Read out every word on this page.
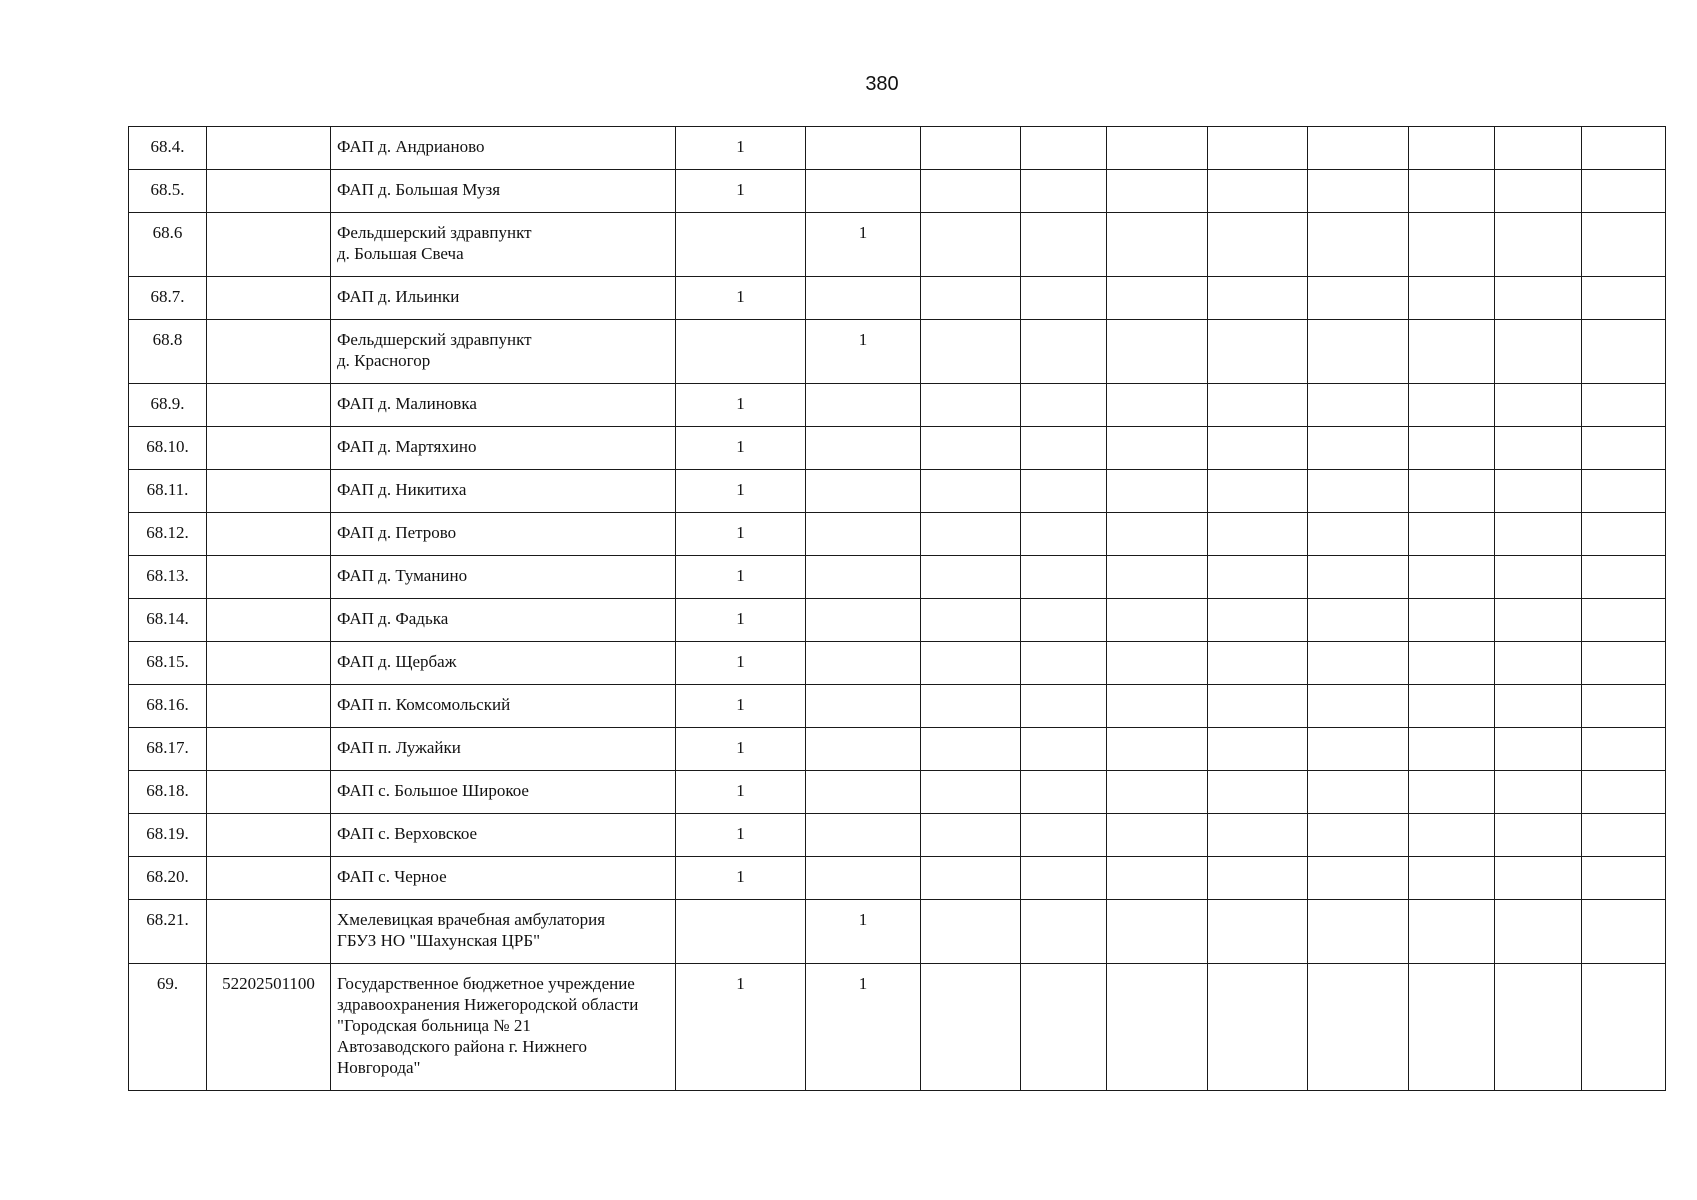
380
68.4.		ФАП д. Андрианово	1									
68.5.		ФАП д. Большая Музя	1									
68.6		Фельдшерский здравпункт
д. Большая Свеча		1								
68.7.		ФАП д. Ильинки	1									
68.8		Фельдшерский здравпункт
д. Красногор		1								
68.9.		ФАП д. Малиновка	1									
68.10.		ФАП д. Мартяхино	1									
68.11.		ФАП д. Никитиха	1									
68.12.		ФАП д. Петрово	1									
68.13.		ФАП д. Туманино	1									
68.14.		ФАП д. Фадька	1									
68.15.		ФАП д. Щербаж	1									
68.16.		ФАП п. Комсомольский	1									
68.17.		ФАП п. Лужайки	1									
68.18.		ФАП с. Большое Широкое	1									
68.19.		ФАП с. Верховское	1									
68.20.		ФАП с. Черное	1									
68.21.		Хмелевицкая врачебная амбулатория
ГБУЗ НО "Шахунская ЦРБ"		1								
69.	52202501100	Государственное бюджетное учреждение
здравоохранения Нижегородской области
"Городская больница № 21
Автозаводского района г. Нижнего
Новгорода"	1	1								
